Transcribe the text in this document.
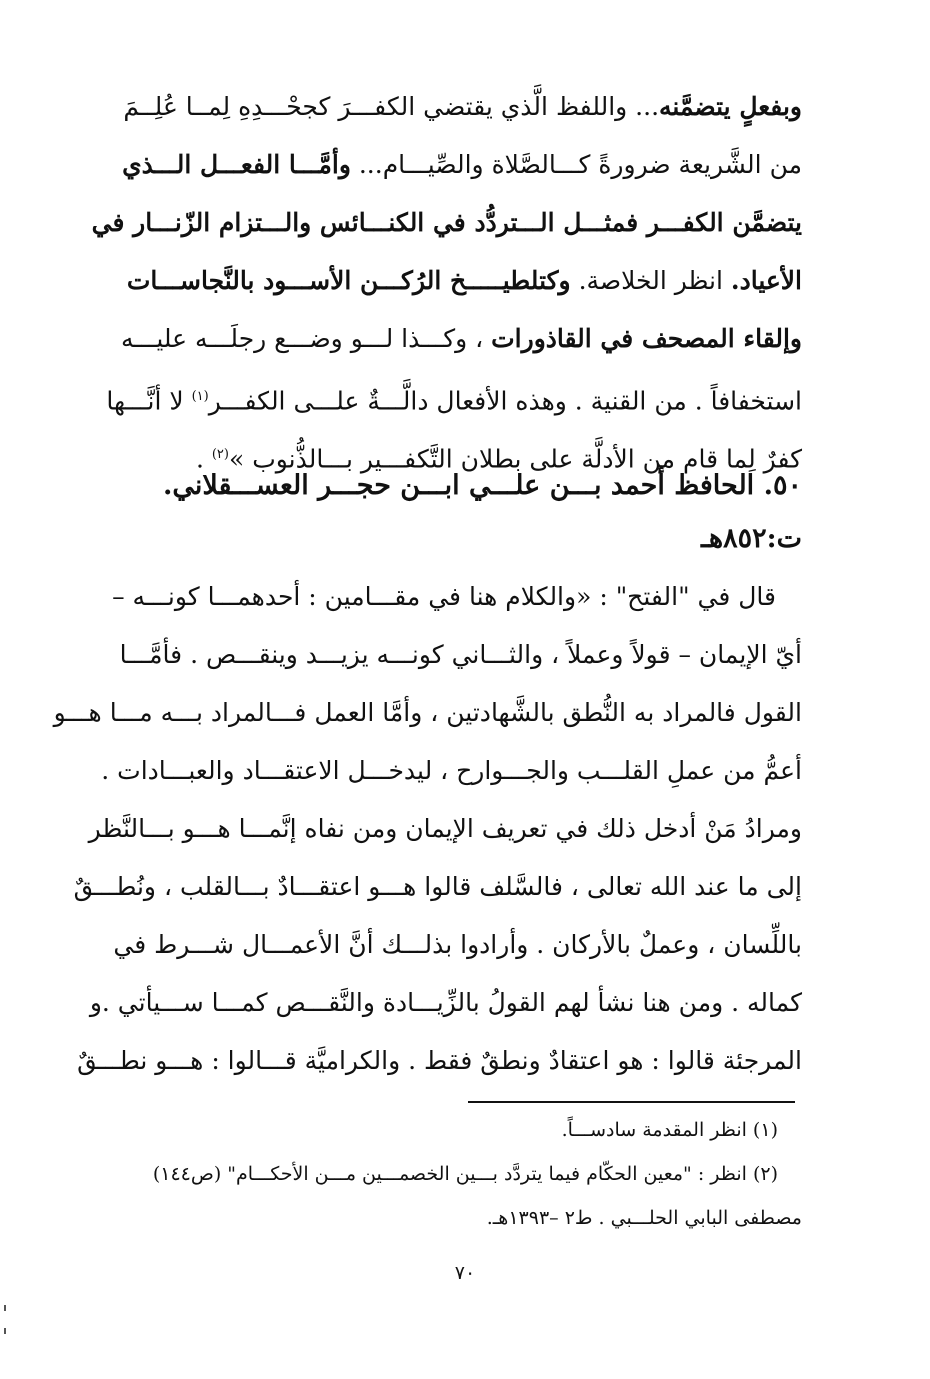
وبفعلٍ يتضمَّنه... واللفظ الَّذي يقتضي الكفـــرَ كجحْـــدِهِ لِمــا عُلِــمَ
من الشَّريعة ضرورةً كـــالصَّلاة والصِّيـــام... وأمَّـــا الفعـــل الـــذي
يتضمَّن الكفـــر فمثـــل الـــتردُّد في الكنـــائس والـــتزام الزّنـــار في
الأعياد. انظر الخلاصة. وكتلطيـــــخ الرُكـــن الأســـود بالنَّجاســـات
وإلقاء المصحف في القاذورات ، وكـــذا لـــو وضـــع رجلَـــه عليـــه
استخفافاً . من القنية . وهذه الأفعال دالَّـــةٌ علـــى الكفـــر$^{(١)}$ لا أنَّـــها
كفرٌ لِما قام من الأدلَّة على بطلان التَّكفـــير بـــالذُّنوب »$^{(٢)}$ .
٥٠. الحافظ أحمد بـــن علـــي ابـــن حجـــر العســـقلاني.
ت:٨٥٢هـ
قال في "الفتح" : «والكلام هنا في مقـــامين : أحدهمـــا كونـــه –
أيّ الإيمان – قولاً وعملاً ، والثـــاني كونـــه يزيـــد وينقـــص . فأمَّـــا
القول فالمراد به النُّطق بالشَّهادتين ، وأمَّا العمل فـــالمراد بـــه مـــا هـــو
أعمُّ من عملِ القلـــب والجـــوارح ، ليدخـــل الاعتقـــاد والعبـــادات .
ومرادُ مَنْ أدخل ذلك في تعريف الإيمان ومن نفاه إنَّمـــا هـــو بـــالنَّظر
إلى ما عند الله تعالى ، فالسَّلف قالوا هـــو اعتقـــادٌ بـــالقلب ، ونُطـــقٌ
باللِّسان ، وعملٌ بالأركان . وأرادوا بذلـــك أنَّ الأعمـــال شـــرط في
كماله . ومن هنا نشأ لهم القولُ بالزِّيـــادة والنَّقـــص كمـــا ســـيأتي .و
المرجئة قالوا : هو اعتقادٌ ونطقٌ فقط . والكراميَّة قـــالوا : هـــو نطـــقٌ
(١) انظر المقدمة سادســـاً.
(٢) انظر : "معين الحكّام فيما يتردَّد بـــين الخصمـــين مـــن الأحكـــام" (ص١٤٤)
مصطفى البابي الحلـــبي . ط٢ –١٣٩٣هـ.
٧٠
